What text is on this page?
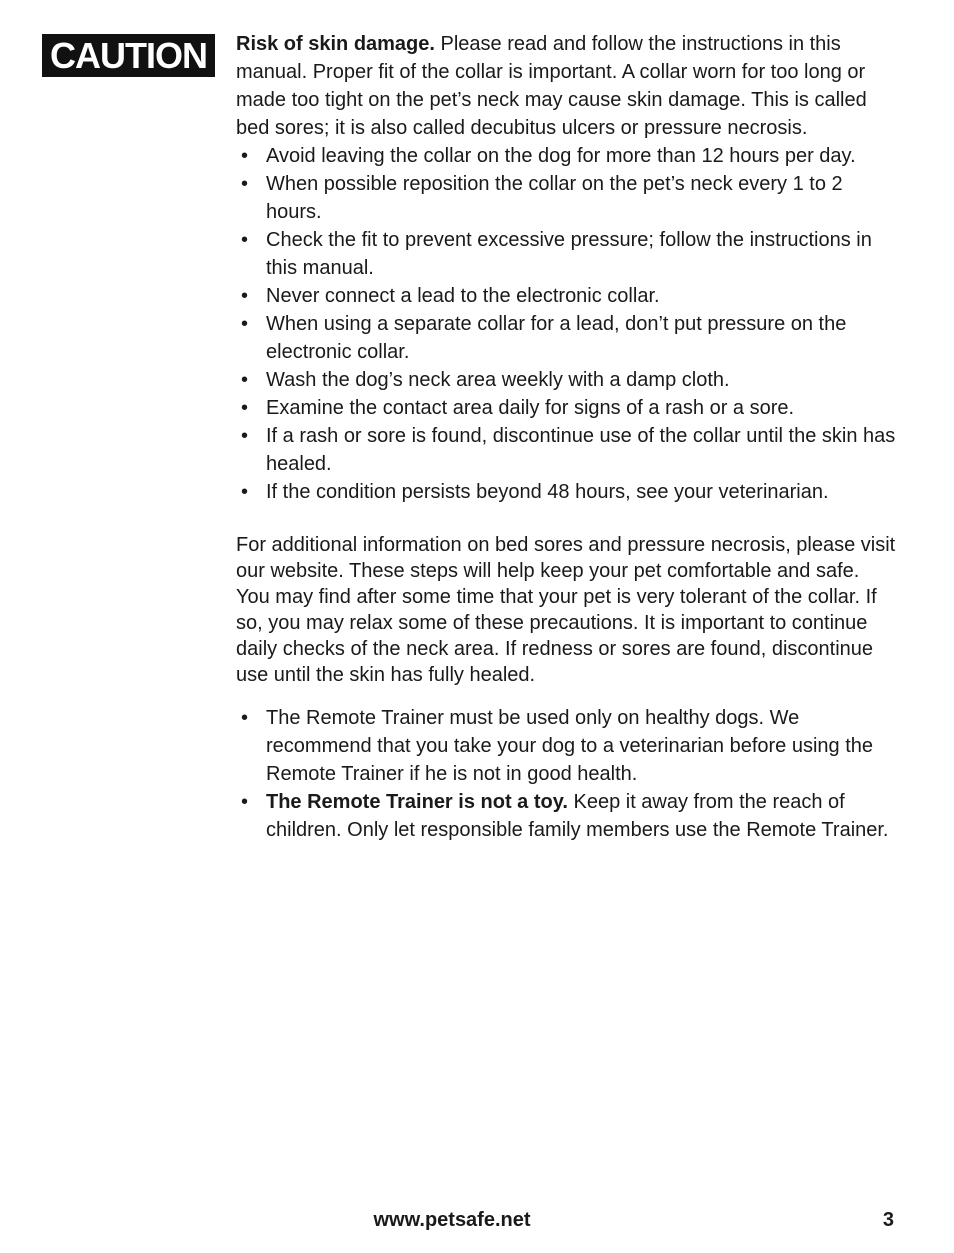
CAUTION	Risk of skin damage. Please read and follow the instructions in this manual. Proper fit of the collar is important. A collar worn for too long or made too tight on the pet’s neck may cause skin damage. This is called bed sores; it is also called decubitus ulcers or pressure necrosis.

• Avoid leaving the collar on the dog for more than 12 hours per day.
• When possible reposition the collar on the pet’s neck every 1 to 2 hours.
• Check the fit to prevent excessive pressure; follow the instructions in this manual.
• Never connect a lead to the electronic collar.
• When using a separate collar for a lead, don’t put pressure on the electronic collar.
• Wash the dog’s neck area weekly with a damp cloth.
• Examine the contact area daily for signs of a rash or a sore.
• If a rash or sore is found, discontinue use of the collar until the skin has healed.
• If the condition persists beyond 48 hours, see your veterinarian.

For additional information on bed sores and pressure necrosis, please visit our website. These steps will help keep your pet comfortable and safe. You may find after some time that your pet is very tolerant of the collar. If so, you may relax some of these precautions. It is important to continue daily checks of the neck area. If redness or sores are found, discontinue use until the skin has fully healed.

• The Remote Trainer must be used only on healthy dogs. We recommend that you take your dog to a veterinarian before using the Remote Trainer if he is not in good health.
• The Remote Trainer is not a toy. Keep it away from the reach of children. Only let responsible family members use the Remote Trainer.
www.petsafe.net	3
